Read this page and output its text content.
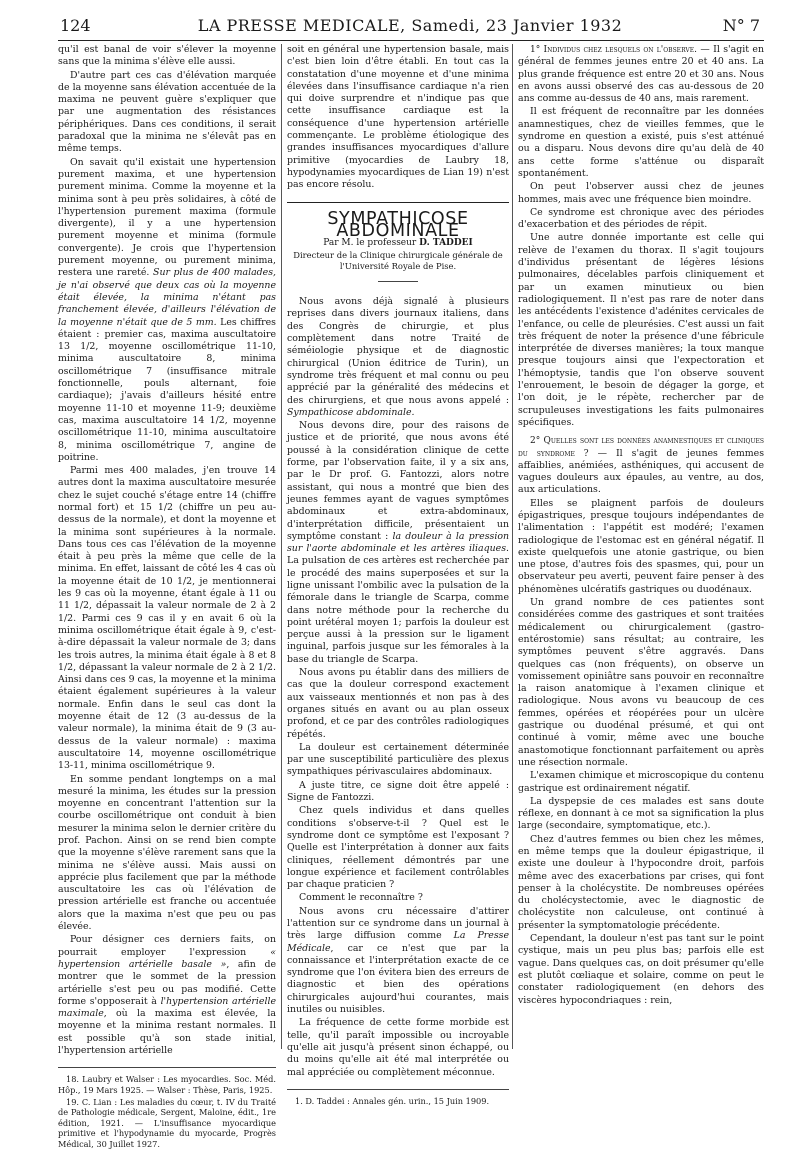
124	LA PRESSE MEDICALE, Samedi, 23 Janvier 1932	N° 7

qu'il est banal de voir s'élever la moyenne sans que la minima s'élève elle aussi.

D'autre part ces cas d'élévation marquée de la moyenne sans élévation accentuée de la maxima ne peuvent guère s'expliquer que par une augmentation des résistances périphériques. Dans ces conditions, il serait paradoxal que la minima ne s'élevât pas en même temps.

On savait qu'il existait une hypertension purement maxima, et une hypertension purement minima. Comme la moyenne et la minima sont à peu près solidaires, à côté de l'hypertension purement maxima (formule divergente), il y a une hypertension purement moyenne et minima (formule convergente). Je crois que l'hypertension purement moyenne, ou purement minima, restera une rareté. Sur plus de 400 malades, je n'ai observé que deux cas où la moyenne était élevée, la minima n'étant pas franchement élevée, d'ailleurs l'élévation de la moyenne n'était que de 5 mm. Les chiffres étaient : premier cas, maxima auscultatoire 13 1/2, moyenne oscillométrique 11-10, minima auscultatoire 8, minima oscillométrique 7 (insuffisance mitrale fonctionnelle, pouls alternant, foie cardiaque); j'avais d'ailleurs hésité entre moyenne 11-10 et moyenne 11-9; deuxième cas, maxima auscultatoire 14 1/2, moyenne oscillométrique 11-10, minima auscultatoire 8, minima oscillométrique 7, angine de poitrine.

Parmi mes 400 malades, j'en trouve 14 autres dont la maxima auscultatoire mesurée chez le sujet couché s'étage entre 14 (chiffre normal fort) et 15 1/2 (chiffre un peu au-dessus de la normale), et dont la moyenne et la minima sont supérieures à la normale. Dans tous ces cas l'élévation de la moyenne était à peu près la même que celle de la minima. En effet, laissant de côté les 4 cas où la moyenne était de 10 1/2, je mentionnerai les 9 cas où la moyenne, étant égale à 11 ou 11 1/2, dépassait la valeur normale de 2 à 2 1/2. Parmi ces 9 cas il y en avait 6 où la minima oscillométrique était égale à 9, c'est-à-dire dépassait la valeur normale de 3; dans les trois autres, la minima était égale à 8 et 8 1/2, dépassant la valeur normale de 2 à 2 1/2. Ainsi dans ces 9 cas, la moyenne et la minima étaient également supérieures à la valeur normale. Enfin dans le seul cas dont la moyenne était de 12 (3 au-dessus de la valeur normale), la minima était de 9 (3 au-dessus de la valeur normale) : maxima auscultatoire 14, moyenne oscillométrique 13-11, minima oscillométrique 9.

En somme pendant longtemps on a mal mesuré la minima, les études sur la pression moyenne en concentrant l'attention sur la courbe oscillométrique ont conduit à bien mesurer la minima selon le dernier critère du prof. Pachon. Ainsi on se rend bien compte que la moyenne s'élève rarement sans que la minima ne s'élève aussi. Mais aussi on apprécie plus facilement que par la méthode auscultatoire les cas où l'élévation de pression artérielle est franche ou accentuée alors que la maxima n'est que peu ou pas élevée.

Pour désigner ces derniers faits, on pourrait employer l'expression	« hypertension artérielle basale », afin de montrer que le sommet de la pression artérielle s'est peu ou pas modifié. Cette forme s'opposerait à l'hypertension artérielle maximale, où la maxima est élevée, la moyenne et la minima restant normales. Il est possible qu'à son stade initial, l'hypertension artérielle

18. Laubry et Walser : Les myocardies. Soc. Méd. Hôp., 19 Mars 1925. — Walser : Thèse, Paris, 1925.

19. C. Lian : Les maladies du cœur, t. IV du Traité de Pathologie médicale, Sergent, Maloine, édit., 1re édition, 1921. — L'insuffisance myocardique primitive et l'hypodynamie du myocarde, Progrès Médical, 30 Juillet 1927.

soit en général une hypertension basale, mais c'est bien loin d'être établi. En tout cas la constatation d'une moyenne et d'une minima élevées dans l'insuffisance cardiaque n'a rien qui doive surprendre et n'indique pas que cette insuffisance cardiaque est la conséquence d'une hypertension artérielle commençante. Le problème étiologique des grandes insuffisances myocardiques d'allure primitive (myocardies de Laubry 18, hypodynamies myocardiques de Lian 19) n'est pas encore résolu.

SYMPATHICOSE ABDOMINALE

Par M. le professeur D. TADDEI

Directeur de la Clinique chirurgicale générale de l'Université Royale de Pise.

Nous avons déjà signalé à plusieurs reprises dans divers journaux italiens, dans des Congrès de chirurgie, et plus complètement dans notre Traité de séméiologie physique et de diagnostic chirurgical (Union éditrice de Turin), un syndrome très fréquent et mal connu ou peu apprécié par la généralité des médecins et des chirurgiens, et que nous avons appelé : Sympathicose abdominale.

Nous devons dire, pour des raisons de justice et de priorité, que nous avons été poussé à la considération clinique de cette forme, par l'observation faite, il y a six ans, par le Dr prof. G. Fantozzi, alors notre assistant, qui nous a montré que bien des jeunes femmes ayant de vagues symptômes abdominaux et extra-abdominaux, d'interprétation difficile, présentaient un symptôme constant : la douleur à la pression sur l'aorte abdominale et les artères iliaques. La pulsation de ces artères est recherchée par le procédé des mains superposées et sur la ligne unissant l'ombilic avec la pulsation de la fémorale dans le triangle de Scarpa, comme dans notre méthode pour la recherche du point urétéral moyen 1; parfois la douleur est perçue aussi à la pression sur le ligament inguinal, parfois jusque sur les fémorales à la base du triangle de Scarpa.

Nous avons pu établir dans des milliers de cas que la douleur correspond exactement aux vaisseaux mentionnés et non pas à des organes situés en avant ou au plan osseux profond, et ce par des contrôles radiologiques répétés.

La douleur est certainement déterminée par une susceptibilité particulière des plexus sympathiques périvasculaires abdominaux.

A juste titre, ce signe doit être appelé : Signe de Fantozzi.

Chez quels individus et dans quelles conditions s'observe-t-il ? Quel est le syndrome dont ce symptôme est l'exposant ? Quelle est l'interprétation à donner aux faits cliniques, réellement démontrés par une longue expérience et facilement contrôlables par chaque praticien ?

Comment le reconnaître ?

Nous avons cru nécessaire d'attirer l'attention sur ce syndrome dans un journal à très large diffusion comme La Presse Médicale, car ce n'est que par la connaissance et l'interprétation exacte de ce syndrome que l'on évitera bien des erreurs de diagnostic et bien des opérations chirurgicales aujourd'hui courantes, mais inutiles ou nuisibles.

La fréquence de cette forme morbide est telle, qu'il paraît impossible ou incroyable qu'elle ait jusqu'à présent sinon échappé, ou du moins qu'elle ait été mal interprétée ou mal appréciée ou complètement méconnue.

1. D. Taddei : Annales gén. urin., 15 Juin 1909.

1° Individus chez lesquels on l'observe. — Il s'agit en général de femmes jeunes entre 20 et 40 ans. La plus grande fréquence est entre 20 et 30 ans. Nous en avons aussi observé des cas au-dessous de 20 ans comme au-dessus de 40 ans, mais rarement.

Il est fréquent de reconnaître par les données anamnestiques, chez de vieilles femmes, que le syndrome en question a existé, puis s'est atténué ou a disparu. Nous devons dire qu'au delà de 40 ans cette forme s'atténue ou disparaît spontanément.

On peut l'observer aussi chez de jeunes hommes, mais avec une fréquence bien moindre.

Ce syndrome est chronique avec des périodes d'exacerbation et des périodes de répit.

Une autre donnée importante est celle qui relève de l'examen du thorax. Il s'agit toujours d'individus présentant de légères lésions pulmonaires, décelables parfois cliniquement et par un examen minutieux ou bien radiologiquement. Il n'est pas rare de noter dans les antécédents l'existence d'adénites cervicales de l'enfance, ou celle de pleurésies. C'est aussi un fait très fréquent de noter la présence d'une fébricule interprétée de diverses manières; la toux manque presque toujours ainsi que l'expectoration et l'hémoptysie, tandis que l'on observe souvent l'enrouement, le besoin de dégager la gorge, et l'on doit, je le répète, rechercher par de scrupuleuses investigations les faits pulmonaires spécifiques.

2° Quelles sont les données anamnestiques et cliniques du syndrome ? — Il s'agit de jeunes femmes affaiblies, anémiées, asthéniques, qui accusent de vagues douleurs aux épaules, au ventre, au dos, aux articulations.

Elles se plaignent parfois de douleurs épigastriques, presque toujours indépendantes de l'alimentation : l'appétit est modéré; l'examen radiologique de l'estomac est en général négatif. Il existe quelquefois une atonie gastrique, ou bien une ptose, d'autres fois des spasmes, qui, pour un observateur peu averti, peuvent faire penser à des phénomènes ulcératifs gastriques ou duodénaux.

Un grand nombre de ces patientes sont considérées comme des gastriques et sont traitées médicalement ou chirurgicalement (gastro-entérostomie) sans résultat; au contraire, les symptômes peuvent s'être aggravés. Dans quelques cas (non fréquents), on observe un vomissement opiniâtre sans pouvoir en reconnaître la raison anatomique à l'examen clinique et radiologique. Nous avons vu beaucoup de ces femmes, opérées et réopérées pour un ulcère gastrique ou duodénal présumé, et qui ont continué à vomir, même avec une bouche anastomotique fonctionnant parfaitement ou après une résection normale.

L'examen chimique et microscopique du contenu gastrique est ordinairement négatif.

La dyspepsie de ces malades est sans doute réflexe, en donnant à ce mot sa signification la plus large (secondaire, symptomatique, etc.).

Chez d'autres femmes ou bien chez les mêmes, en même temps que la douleur épigastrique, il existe une douleur à l'hypocondre droit, parfois même avec des exacerbations par crises, qui font penser à la cholécystite. De nombreuses opérées du cholécystectomie, avec le diagnostic de cholécystite non calculeuse, ont continué à présenter la symptomatologie précédente.

Cependant, la douleur n'est pas tant sur le point cystique, mais un peu plus bas; parfois elle est vague. Dans quelques cas, on doit présumer qu'elle est plutôt cœliaque et solaire, comme on peut le constater radiologiquement (en dehors des viscères hypocondriaques : rein,
